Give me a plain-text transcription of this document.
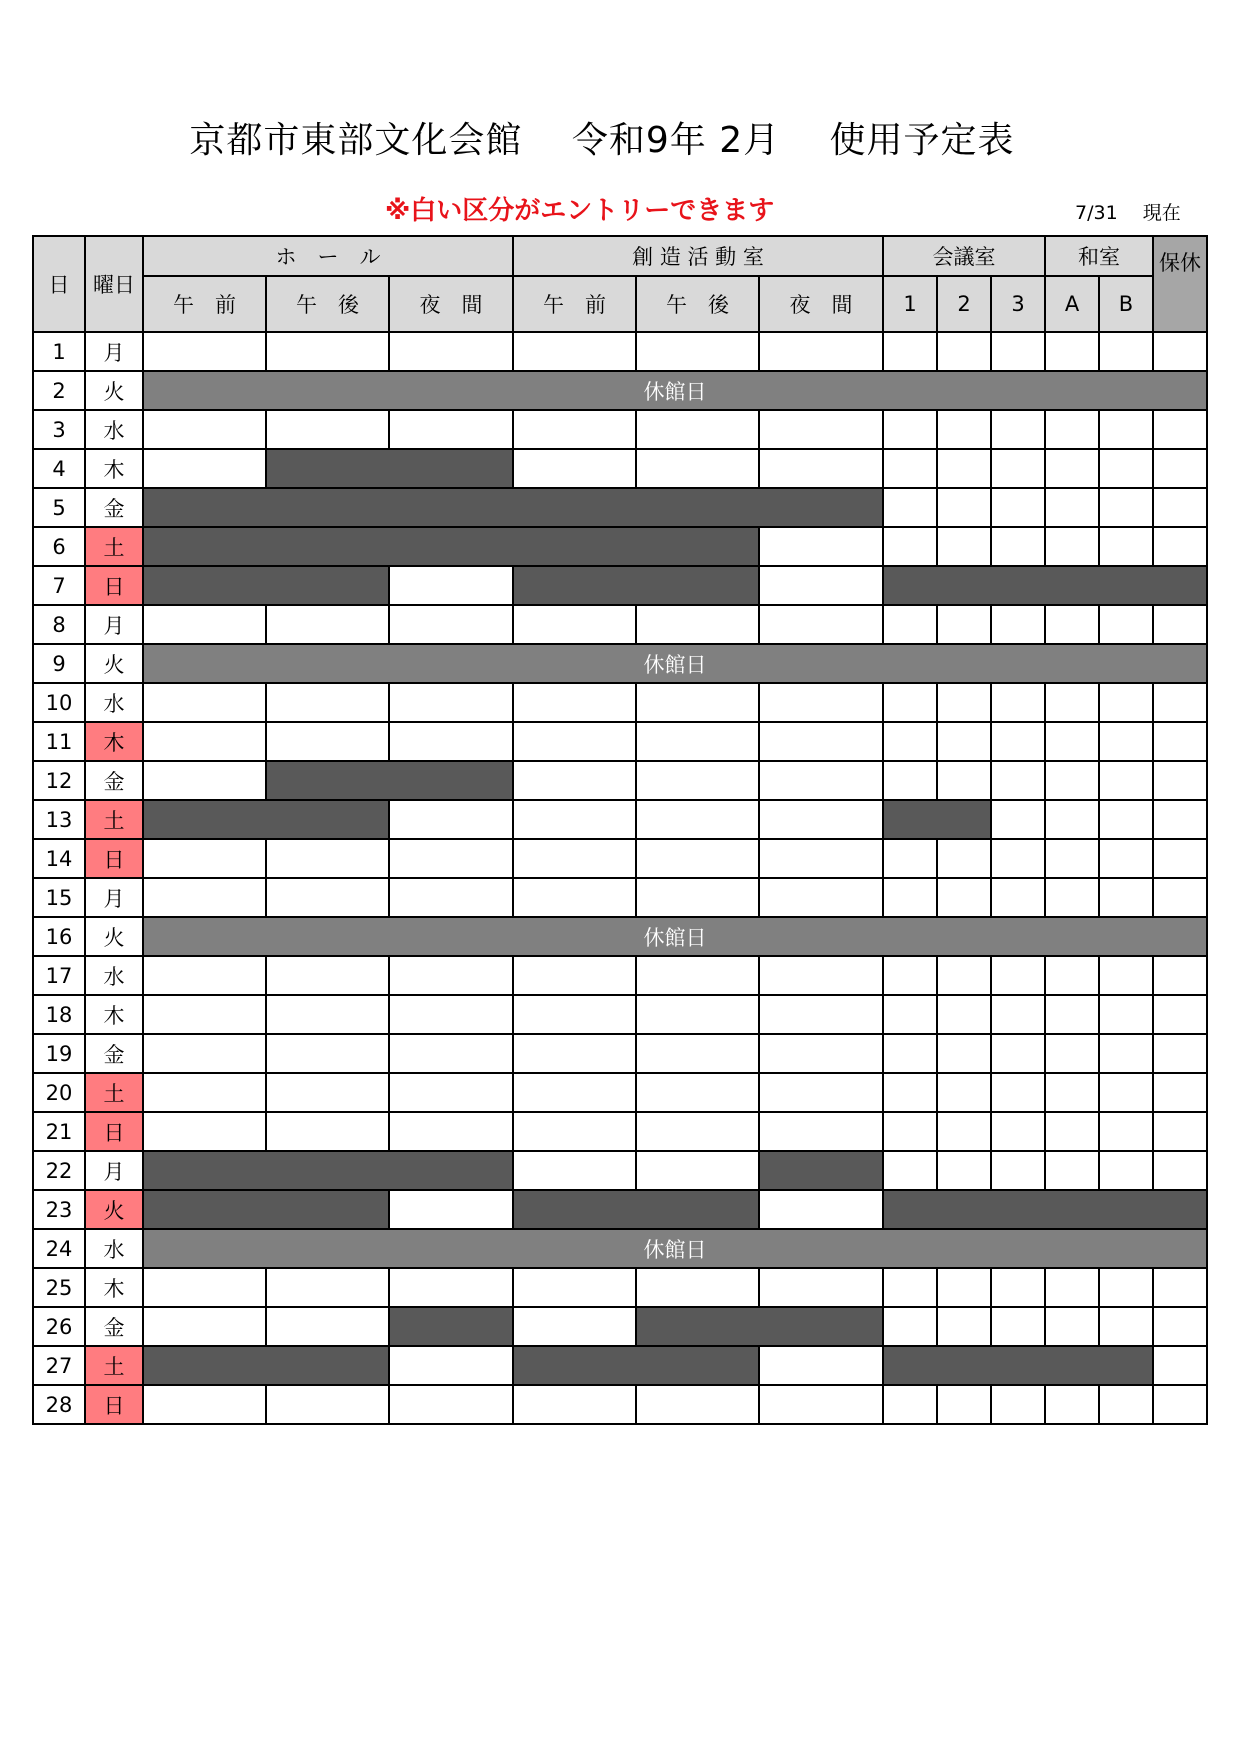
京都市東部文化会館　 令和9年 2月 　使用予定表
※白い区分がエントリーできます	7/31　 現在
日	曜日	ホ　ー　ル			創 造 活 動 室			会議室			和室		保休
		午　前	午　後	夜　間	午　前	午　後	夜　間	1	2	3	A	B	
1	月												
2	火	休館日											
3	水												
4	木												
5	金												
6	土												
7	日												
8	月												
9	火	休館日											
10	水												
11	木												
12	金												
13	土												
14	日												
15	月												
16	火	休館日											
17	水												
18	木												
19	金												
20	土												
21	日												
22	月												
23	火												
24	水	休館日											
25	木												
26	金												
27	土												
28	日												
